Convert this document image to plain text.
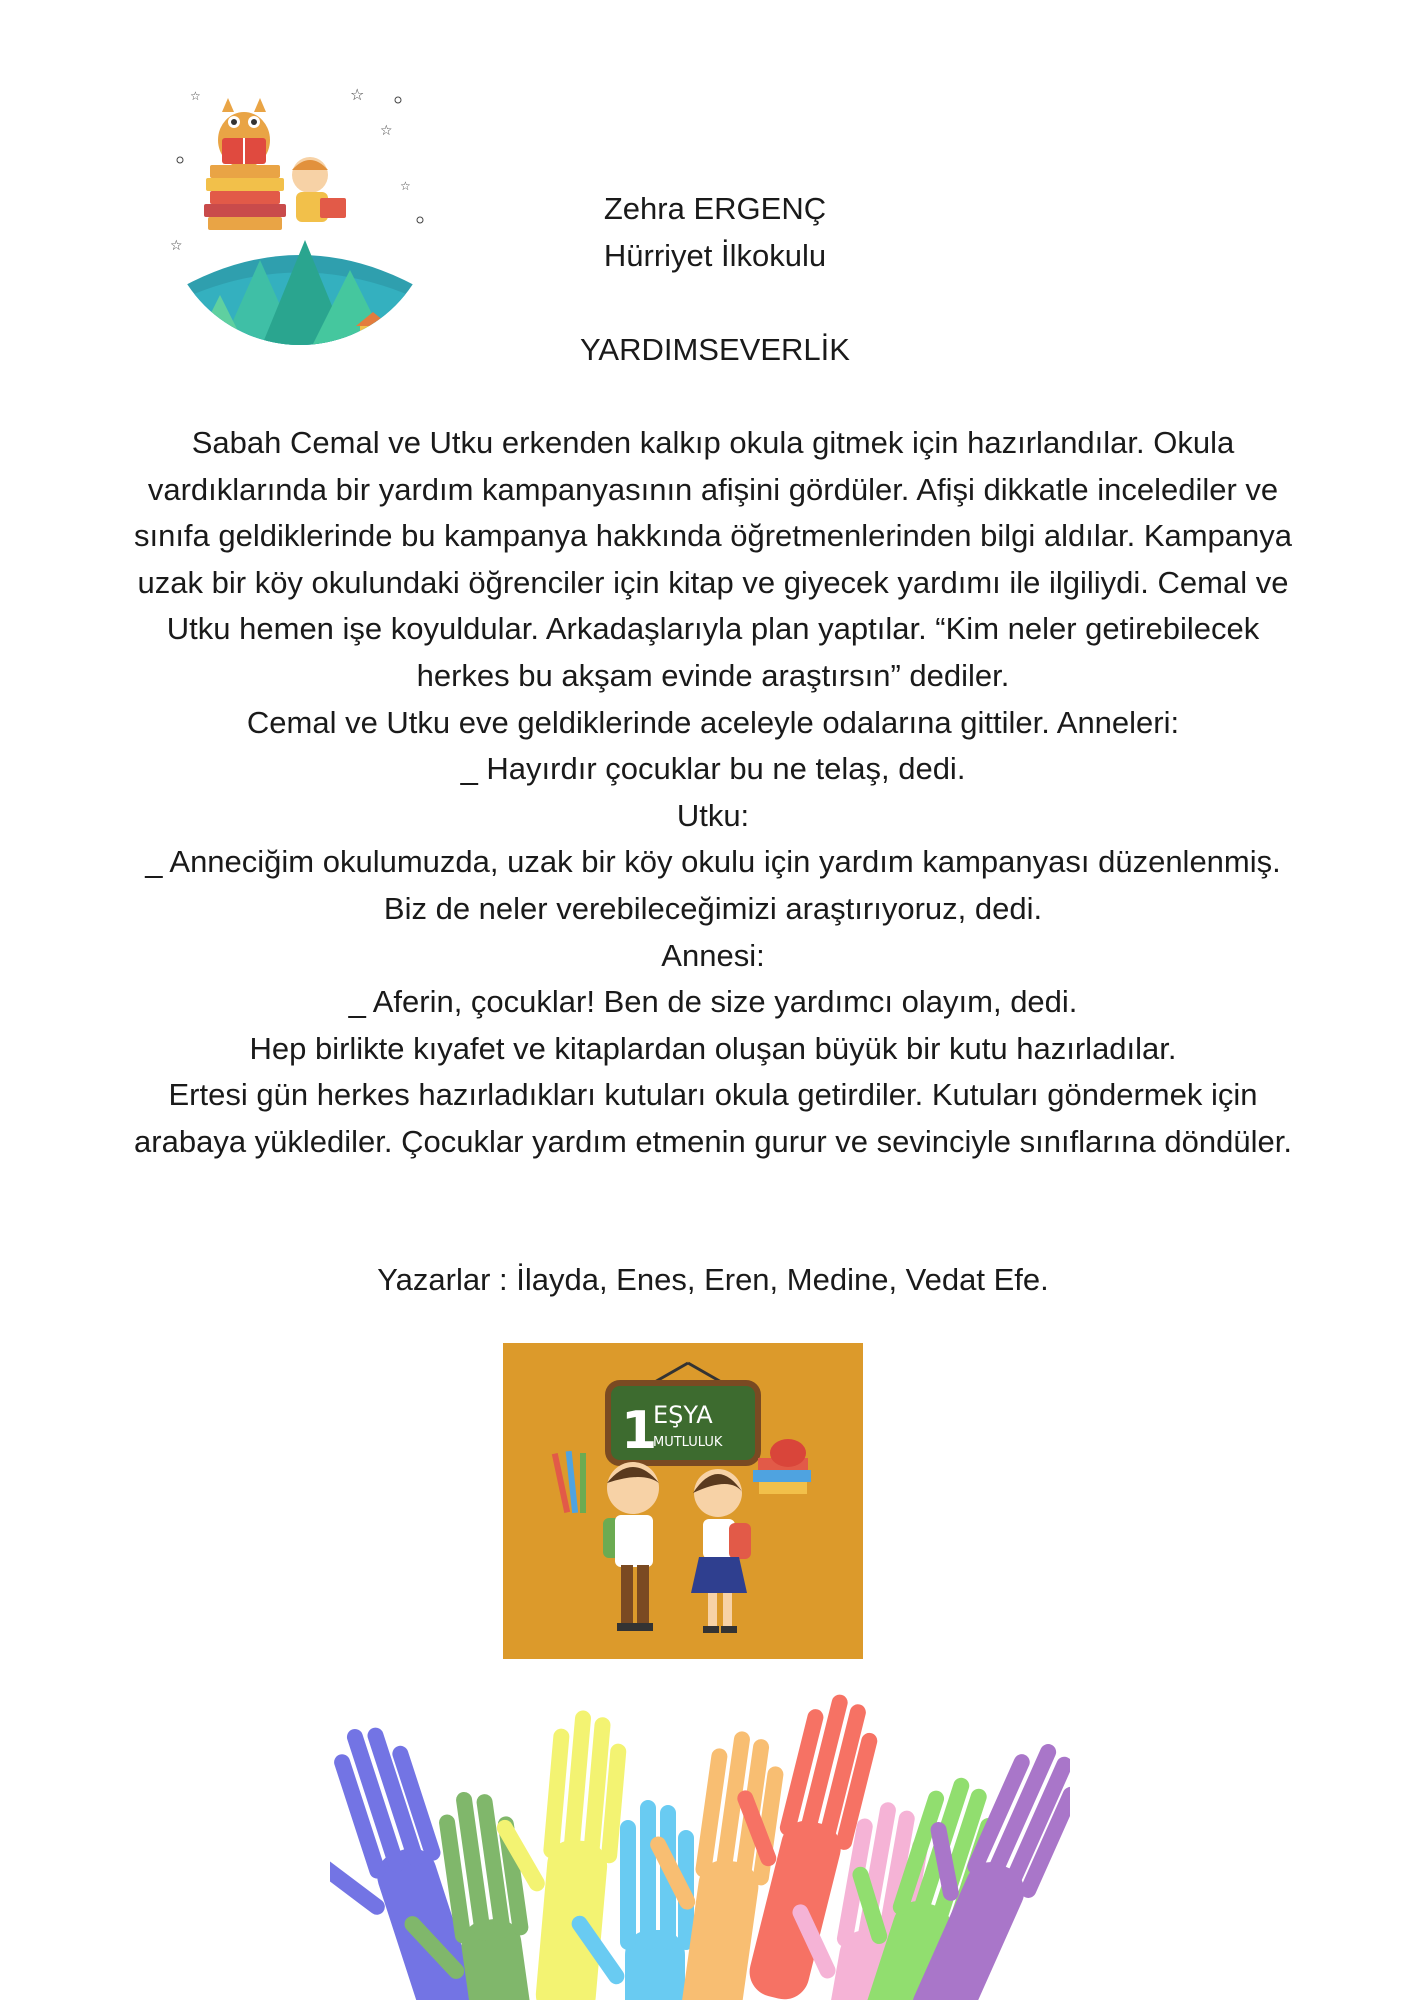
☆
☆
☆
☆
☆
Zehra ERGENÇ
Hürriyet İlkokulu
YARDIMSEVERLİK
Sabah Cemal ve Utku erkenden kalkıp okula gitmek için hazırlandılar. Okula
vardıklarında bir yardım kampanyasının afişini gördüler. Afişi dikkatle incelediler ve
sınıfa geldiklerinde bu kampanya hakkında öğretmenlerinden bilgi aldılar. Kampanya
uzak bir köy okulundaki öğrenciler için kitap ve giyecek yardımı ile ilgiliydi. Cemal ve
Utku hemen işe koyuldular. Arkadaşlarıyla plan yaptılar. “Kim neler getirebilecek
herkes bu akşam evinde araştırsın” dediler.
Cemal ve Utku eve geldiklerinde aceleyle odalarına gittiler. Anneleri:
_ Hayırdır çocuklar bu ne telaş, dedi.
Utku:
_ Anneciğim okulumuzda, uzak bir köy okulu için yardım kampanyası düzenlenmiş.
Biz de neler verebileceğimizi araştırıyoruz, dedi.
Annesi:
_ Aferin, çocuklar! Ben de size yardımcı olayım, dedi.
Hep birlikte kıyafet ve kitaplardan oluşan büyük bir kutu hazırladılar.
Ertesi gün herkes hazırladıkları kutuları okula getirdiler. Kutuları göndermek için
arabaya yüklediler. Çocuklar yardım etmenin gurur ve sevinciyle sınıflarına döndüler.
Yazarlar : İlayda, Enes, Eren, Medine, Vedat Efe.
1
EŞYA
MUTLULUK
